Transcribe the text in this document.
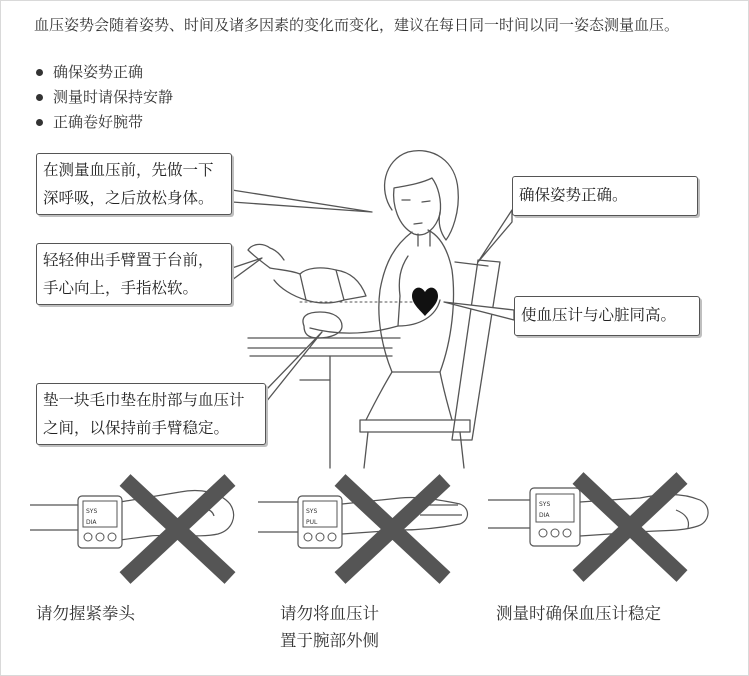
血压姿势会随着姿势、时间及诸多因素的变化而变化，建议在每日同一时间以同一姿态测量血压。
确保姿势正确
测量时请保持安静
正确卷好腕带
在测量血压前，先做一下
深呼吸，之后放松身体。	确保姿势正确。
轻轻伸出手臂置于台前，
手心向上，手指松软。
使血压计与心脏同高。
垫一块毛巾垫在肘部与血压计
之间，以保持前手臂稳定。
SYS
DIA
SYS
PUL
SYS
DIA
请勿握紧拳头	请勿将血压计
置于腕部外侧
测量时确保血压计稳定
